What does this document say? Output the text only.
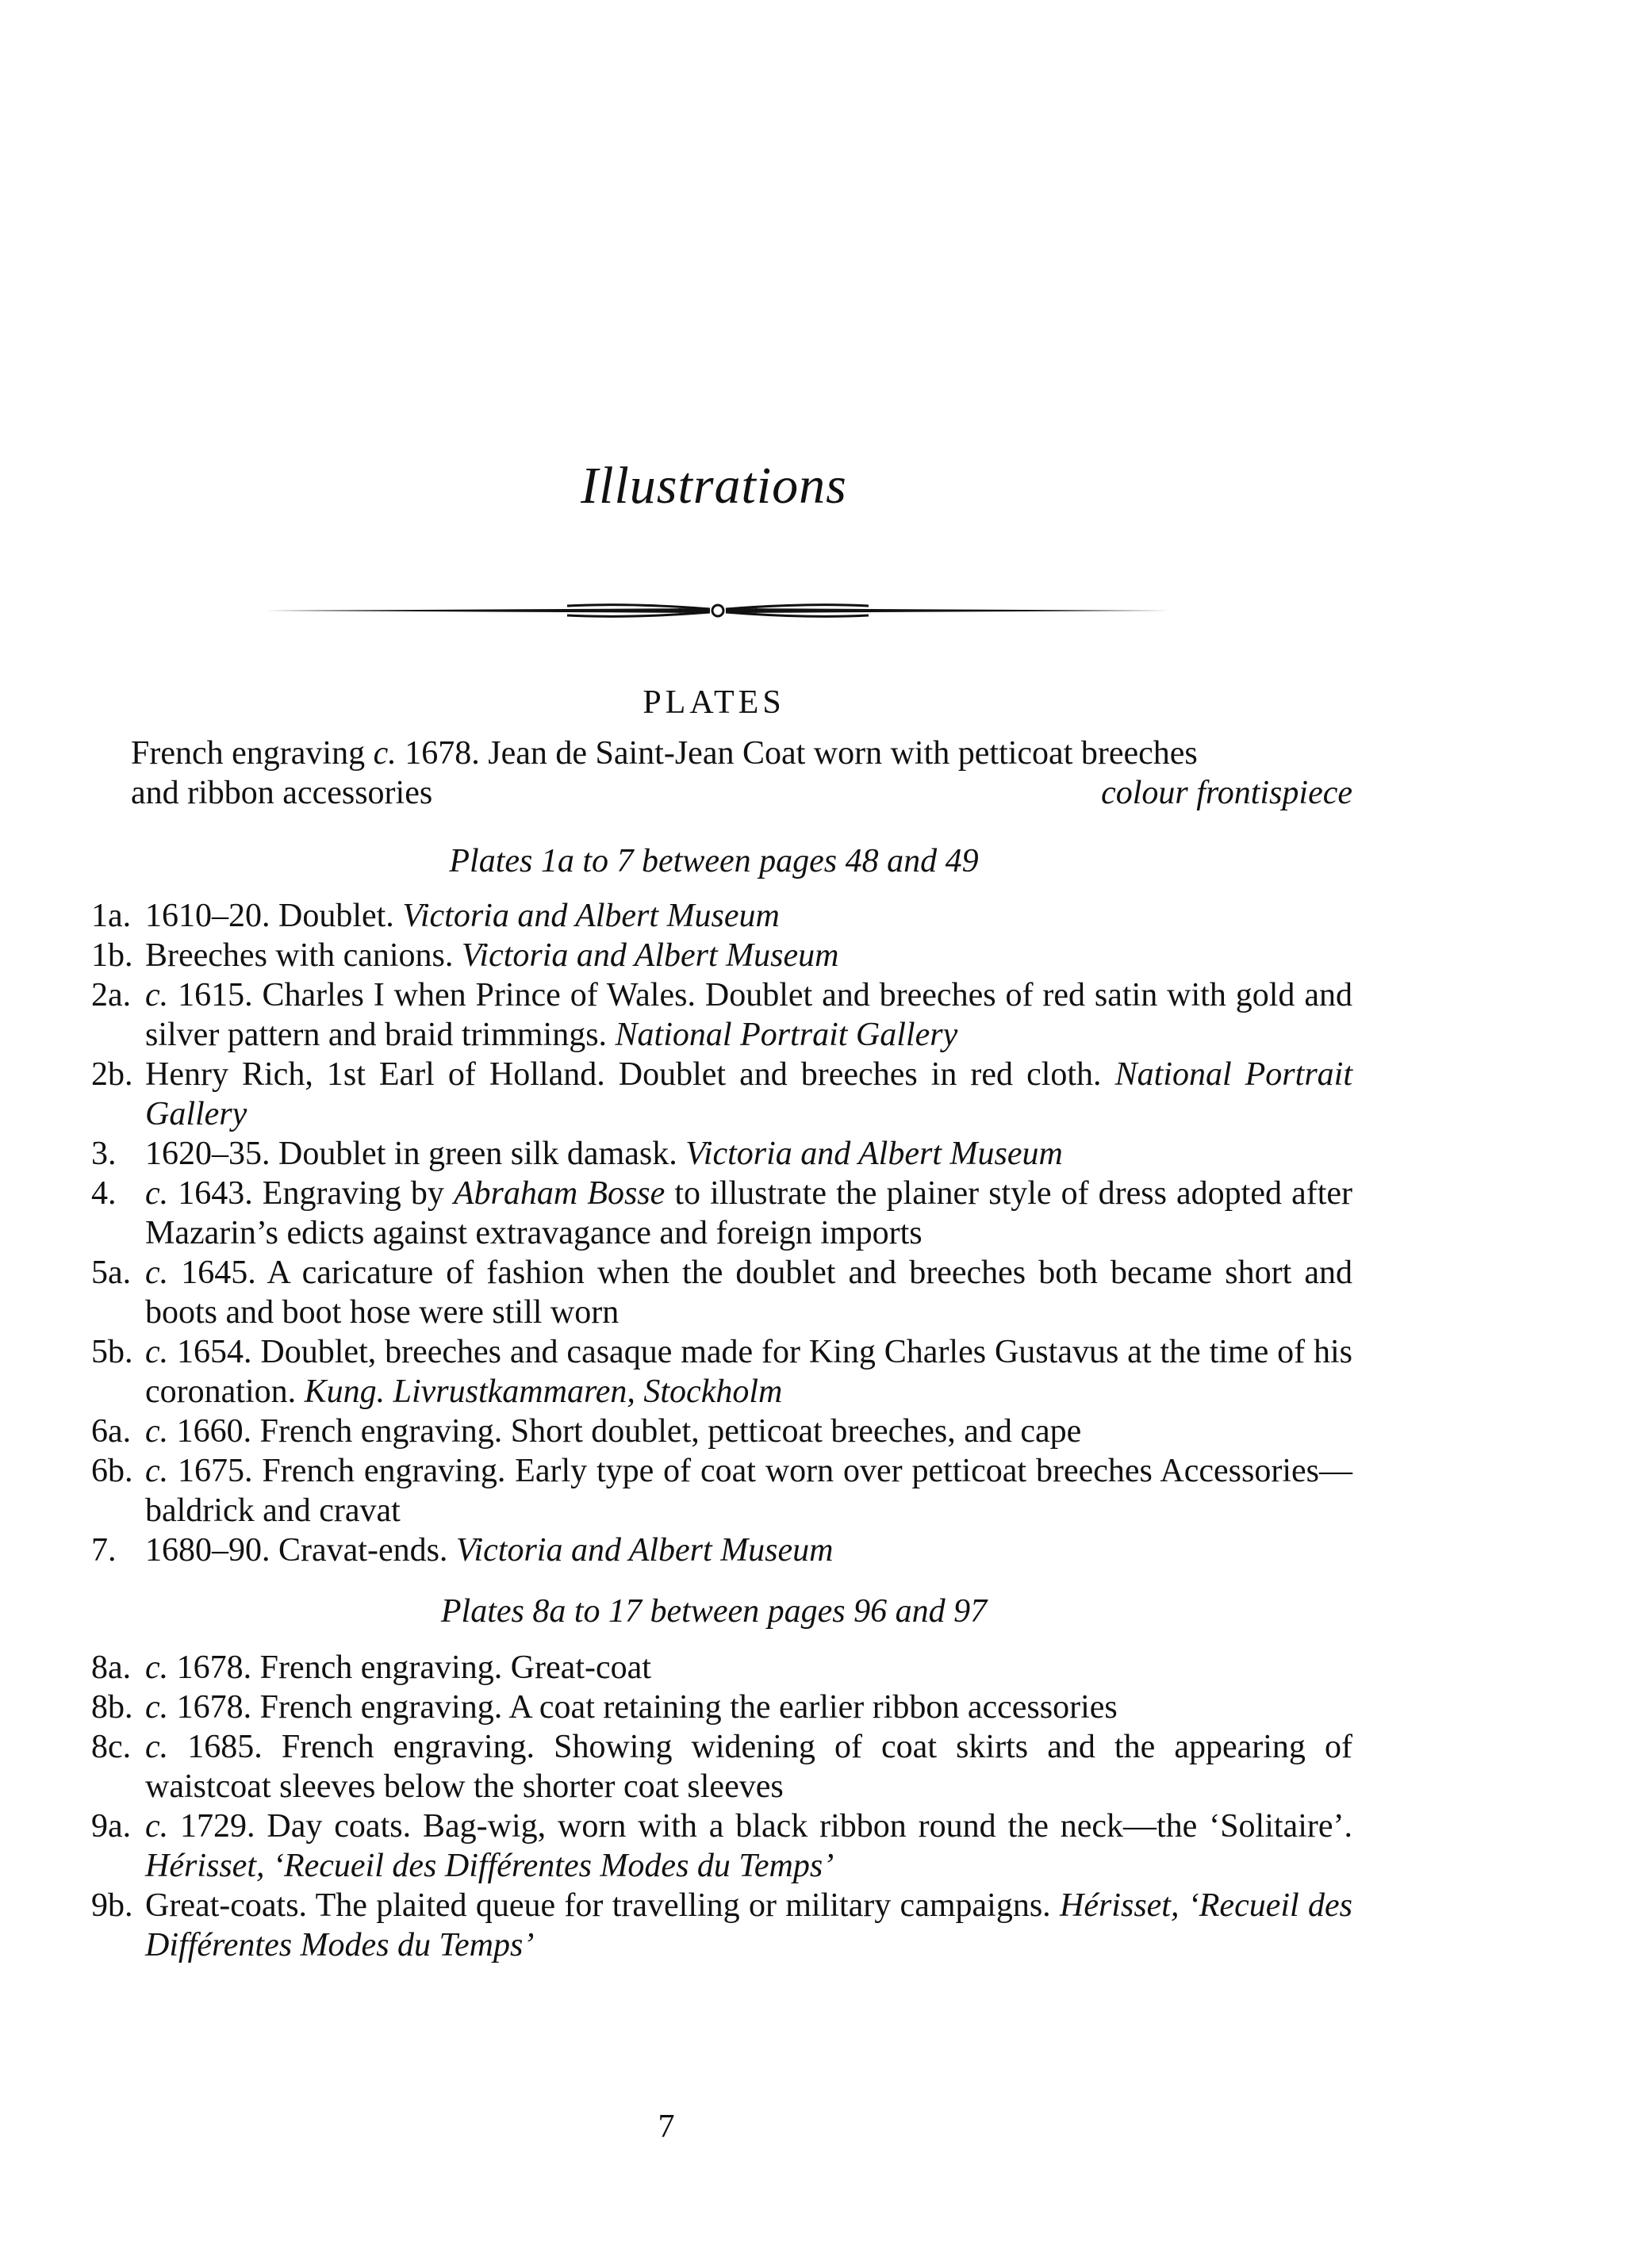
Illustrations
PLATES
French engraving c. 1678. Jean de Saint-Jean Coat worn with petticoat breeches
and ribbon accessories	colour frontispiece
Plates 1a to 7 between pages 48 and 49
1a. 1610–20. Doublet. Victoria and Albert Museum
1b. Breeches with canions. Victoria and Albert Museum
2a. c. 1615. Charles I when Prince of Wales. Doublet and breeches of red satin with gold and silver pattern and braid trimmings. National Portrait Gallery
2b. Henry Rich, 1st Earl of Holland. Doublet and breeches in red cloth. National Portrait Gallery
3. 1620–35. Doublet in green silk damask. Victoria and Albert Museum
4. c. 1643. Engraving by Abraham Bosse to illustrate the plainer style of dress adopted after Mazarin’s edicts against extravagance and foreign imports
5a. c. 1645. A caricature of fashion when the doublet and breeches both became short and boots and boot hose were still worn
5b. c. 1654. Doublet, breeches and casaque made for King Charles Gustavus at the time of his coronation. Kung. Livrustkammaren, Stockholm
6a. c. 1660. French engraving. Short doublet, petticoat breeches, and cape
6b. c. 1675. French engraving. Early type of coat worn over petticoat breeches Accessories—baldrick and cravat
7. 1680–90. Cravat-ends. Victoria and Albert Museum
Plates 8a to 17 between pages 96 and 97
8a. c. 1678. French engraving. Great-coat
8b. c. 1678. French engraving. A coat retaining the earlier ribbon accessories
8c. c. 1685. French engraving. Showing widening of coat skirts and the appearing of waistcoat sleeves below the shorter coat sleeves
9a. c. 1729. Day coats. Bag-wig, worn with a black ribbon round the neck—the ‘Solitaire’. Hérisset, ‘Recueil des Différentes Modes du Temps’
9b. Great-coats. The plaited queue for travelling or military campaigns. Hérisset, ‘Recueil des Différentes Modes du Temps’
7
